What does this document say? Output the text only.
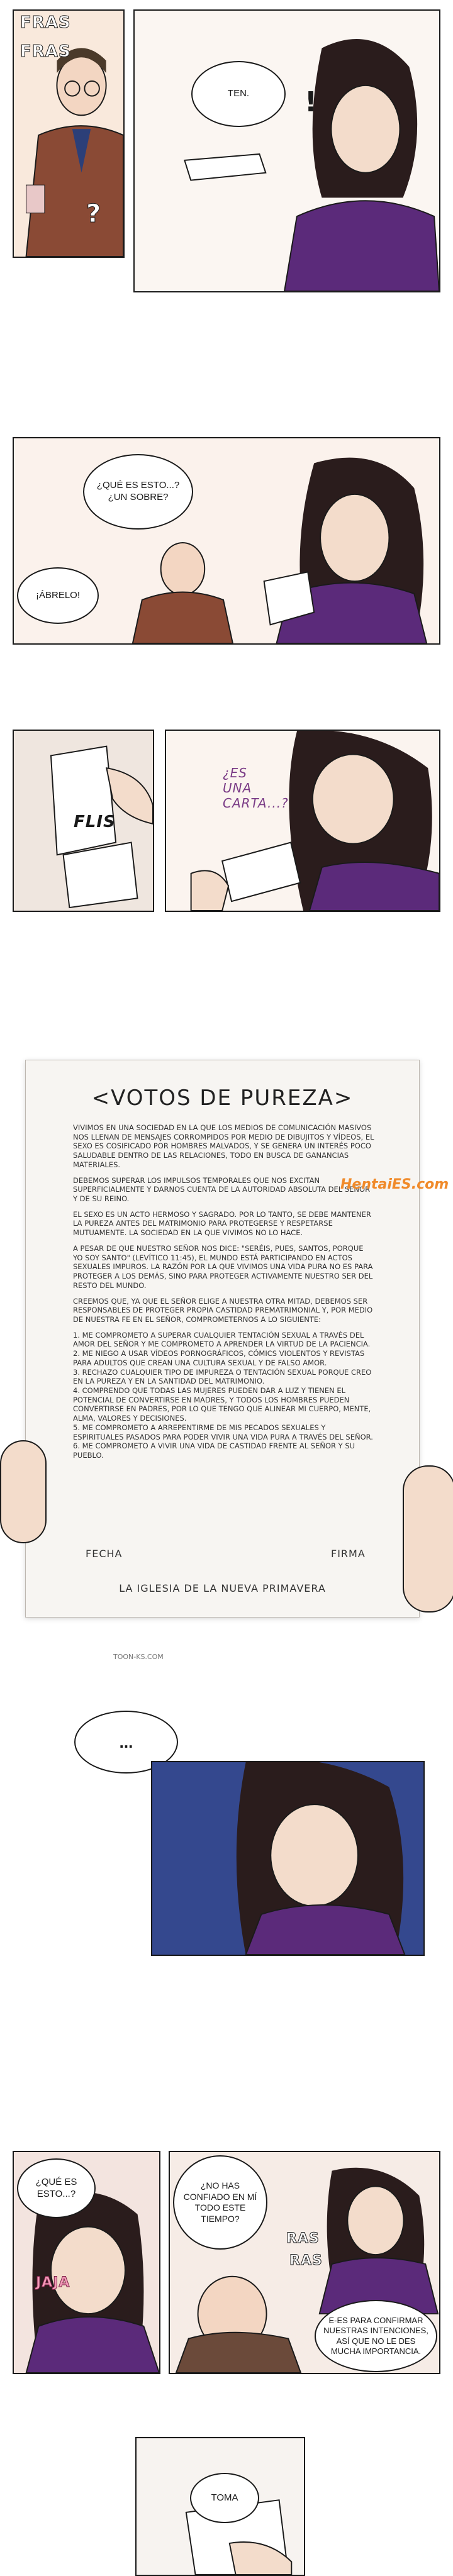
FRAS
FRAS
?
TEN.	!
¿QUÉ ES ESTO...? ¿UN SOBRE?
¡ÁBRELO!
FLIS
¿ES UNA CARTA...?
<VOTOS DE PUREZA>

VIVIMOS EN UNA SOCIEDAD EN LA QUE LOS MEDIOS DE COMUNICACIÓN MASIVOS NOS LLENAN DE MENSAJES CORROMPIDOS POR MEDIO DE DIBUJITOS Y VÍDEOS, EL SEXO ES COSIFICADO POR HOMBRES MALVADOS, Y SE GENERA UN INTERÉS POCO SALUDABLE DENTRO DE LAS RELACIONES, TODO EN BUSCA DE GANANCIAS MATERIALES.

DEBEMOS SUPERAR LOS IMPULSOS TEMPORALES QUE NOS EXCITAN SUPERFICIALMENTE Y DARNOS CUENTA DE LA AUTORIDAD ABSOLUTA DEL SEÑOR Y DE SU REINO.

EL SEXO ES UN ACTO HERMOSO Y SAGRADO. POR LO TANTO, SE DEBE MANTENER LA PUREZA ANTES DEL MATRIMONIO PARA PROTEGERSE Y RESPETARSE MUTUAMENTE. LA SOCIEDAD EN LA QUE VIVIMOS NO LO HACE.

A PESAR DE QUE NUESTRO SEÑOR NOS DICE: "SERÉIS, PUES, SANTOS, PORQUE YO SOY SANTO" (LEVÍTICO 11:45), EL MUNDO ESTÁ PARTICIPANDO EN ACTOS SEXUALES IMPUROS. LA RAZÓN POR LA QUE VIVIMOS UNA VIDA PURA NO ES PARA PROTEGER A LOS DEMÁS, SINO PARA PROTEGER ACTIVAMENTE NUESTRO SER DEL RESTO DEL MUNDO.

CREEMOS QUE, YA QUE EL SEÑOR ELIGE A NUESTRA OTRA MITAD, DEBEMOS SER RESPONSABLES DE PROTEGER PROPIA CASTIDAD PREMATRIMONIAL Y, POR MEDIO DE NUESTRA FE EN EL SEÑOR, COMPROMETERNOS A LO SIGUIENTE:

1. ME COMPROMETO A SUPERAR CUALQUIER TENTACIÓN SEXUAL A TRAVÉS DEL AMOR DEL SEÑOR Y ME COMPROMETO A APRENDER LA VIRTUD DE LA PACIENCIA.
2. ME NIEGO A USAR VÍDEOS PORNOGRÁFICOS, CÓMICS VIOLENTOS Y REVISTAS PARA ADULTOS QUE CREAN UNA CULTURA SEXUAL Y DE FALSO AMOR.
3. RECHAZO CUALQUIER TIPO DE IMPUREZA O TENTACIÓN SEXUAL PORQUE CREO EN LA PUREZA Y EN LA SANTIDAD DEL MATRIMONIO.
4. COMPRENDO QUE TODAS LAS MUJERES PUEDEN DAR A LUZ Y TIENEN EL POTENCIAL DE CONVERTIRSE EN MADRES, Y TODOS LOS HOMBRES PUEDEN CONVERTIRSE EN PADRES, POR LO QUE TENGO QUE ALINEAR MI CUERPO, MENTE, ALMA, VALORES Y DECISIONES.
5. ME COMPROMETO A ARREPENTIRME DE MIS PECADOS SEXUALES Y ESPIRITUALES PASADOS PARA PODER VIVIR UNA VIDA PURA A TRAVÉS DEL SEÑOR.
6. ME COMPROMETO A VIVIR UNA VIDA DE CASTIDAD FRENTE AL SEÑOR Y SU PUEBLO.

FECHA	FIRMA
LA IGLESIA DE LA NUEVA PRIMAVERA
HentaiES.com
TOON-KS.COM
...
¿QUÉ ES ESTO...?
JAJA
¿NO HAS CONFIADO EN MÍ TODO ESTE TIEMPO?
RAS
RAS
E-ES PARA CONFIRMAR NUESTRAS INTENCIONES, ASÍ QUE NO LE DES MUCHA IMPORTANCIA.
TOMA
